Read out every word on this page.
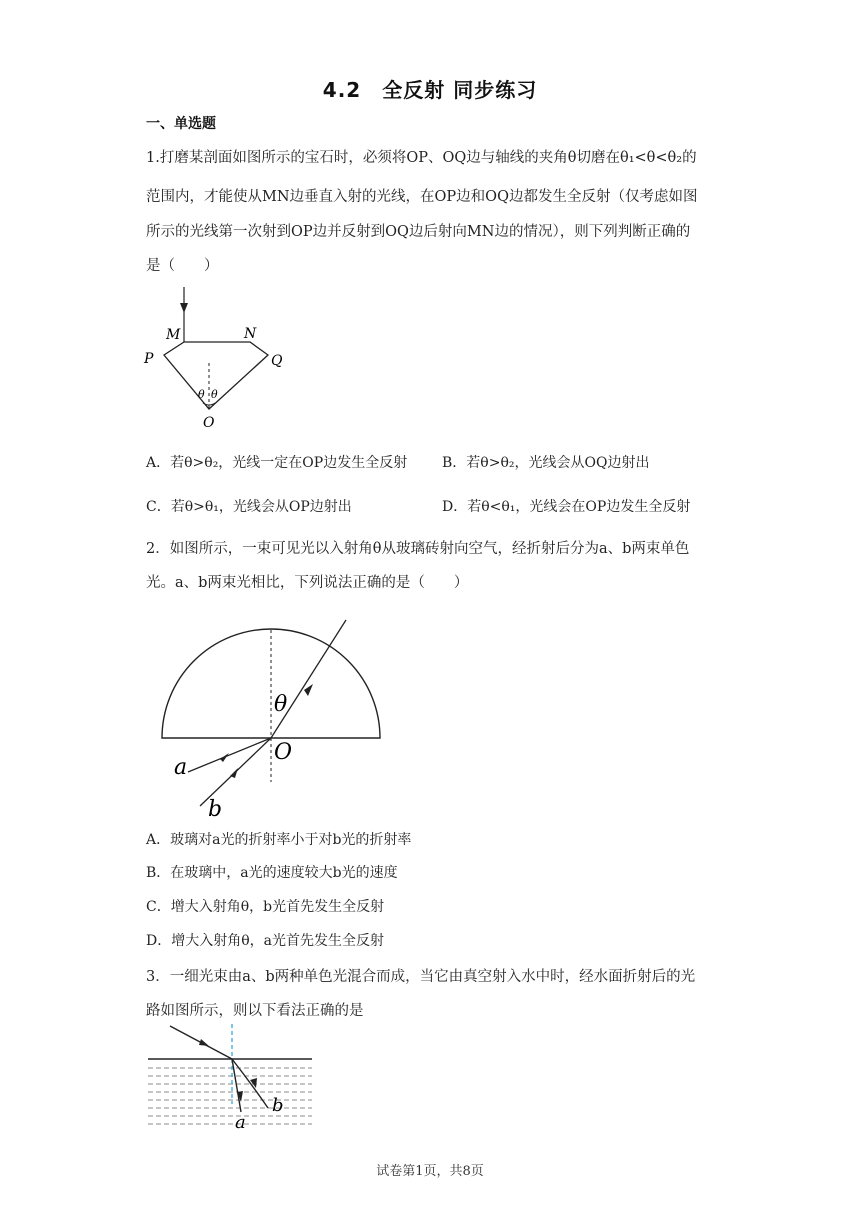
4.2　全反射 同步练习
一、单选题
1.打磨某剖面如图所示的宝石时，必须将OP、OQ边与轴线的夹角θ切磨在θ₁<θ<θ₂的
范围内，才能使从MN边垂直入射的光线，在OP边和OQ边都发生全反射（仅考虑如图
所示的光线第一次射到OP边并反射到OQ边后射向MN边的情况），则下列判断正确的
是（　　）
M	N
P	Q
O
θ θ
A．若θ>θ₂，光线一定在OP边发生全反射 B．若θ>θ₂，光线会从OQ边射出
C．若θ>θ₁，光线会从OP边射出	D．若θ<θ₁，光线会在OP边发生全反射
2．如图所示，一束可见光以入射角θ从玻璃砖射向空气，经折射后分为a、b两束单色
光。a、b两束光相比，下列说法正确的是（　　）
θ
O
a
b
A．玻璃对a光的折射率小于对b光的折射率
B．在玻璃中，a光的速度较大b光的速度
C．增大入射角θ，b光首先发生全反射
D．增大入射角θ，a光首先发生全反射
3．一细光束由a、b两种单色光混合而成，当它由真空射入水中时，经水面折射后的光
路如图所示，则以下看法正确的是
a
b
试卷第1页，共8页
